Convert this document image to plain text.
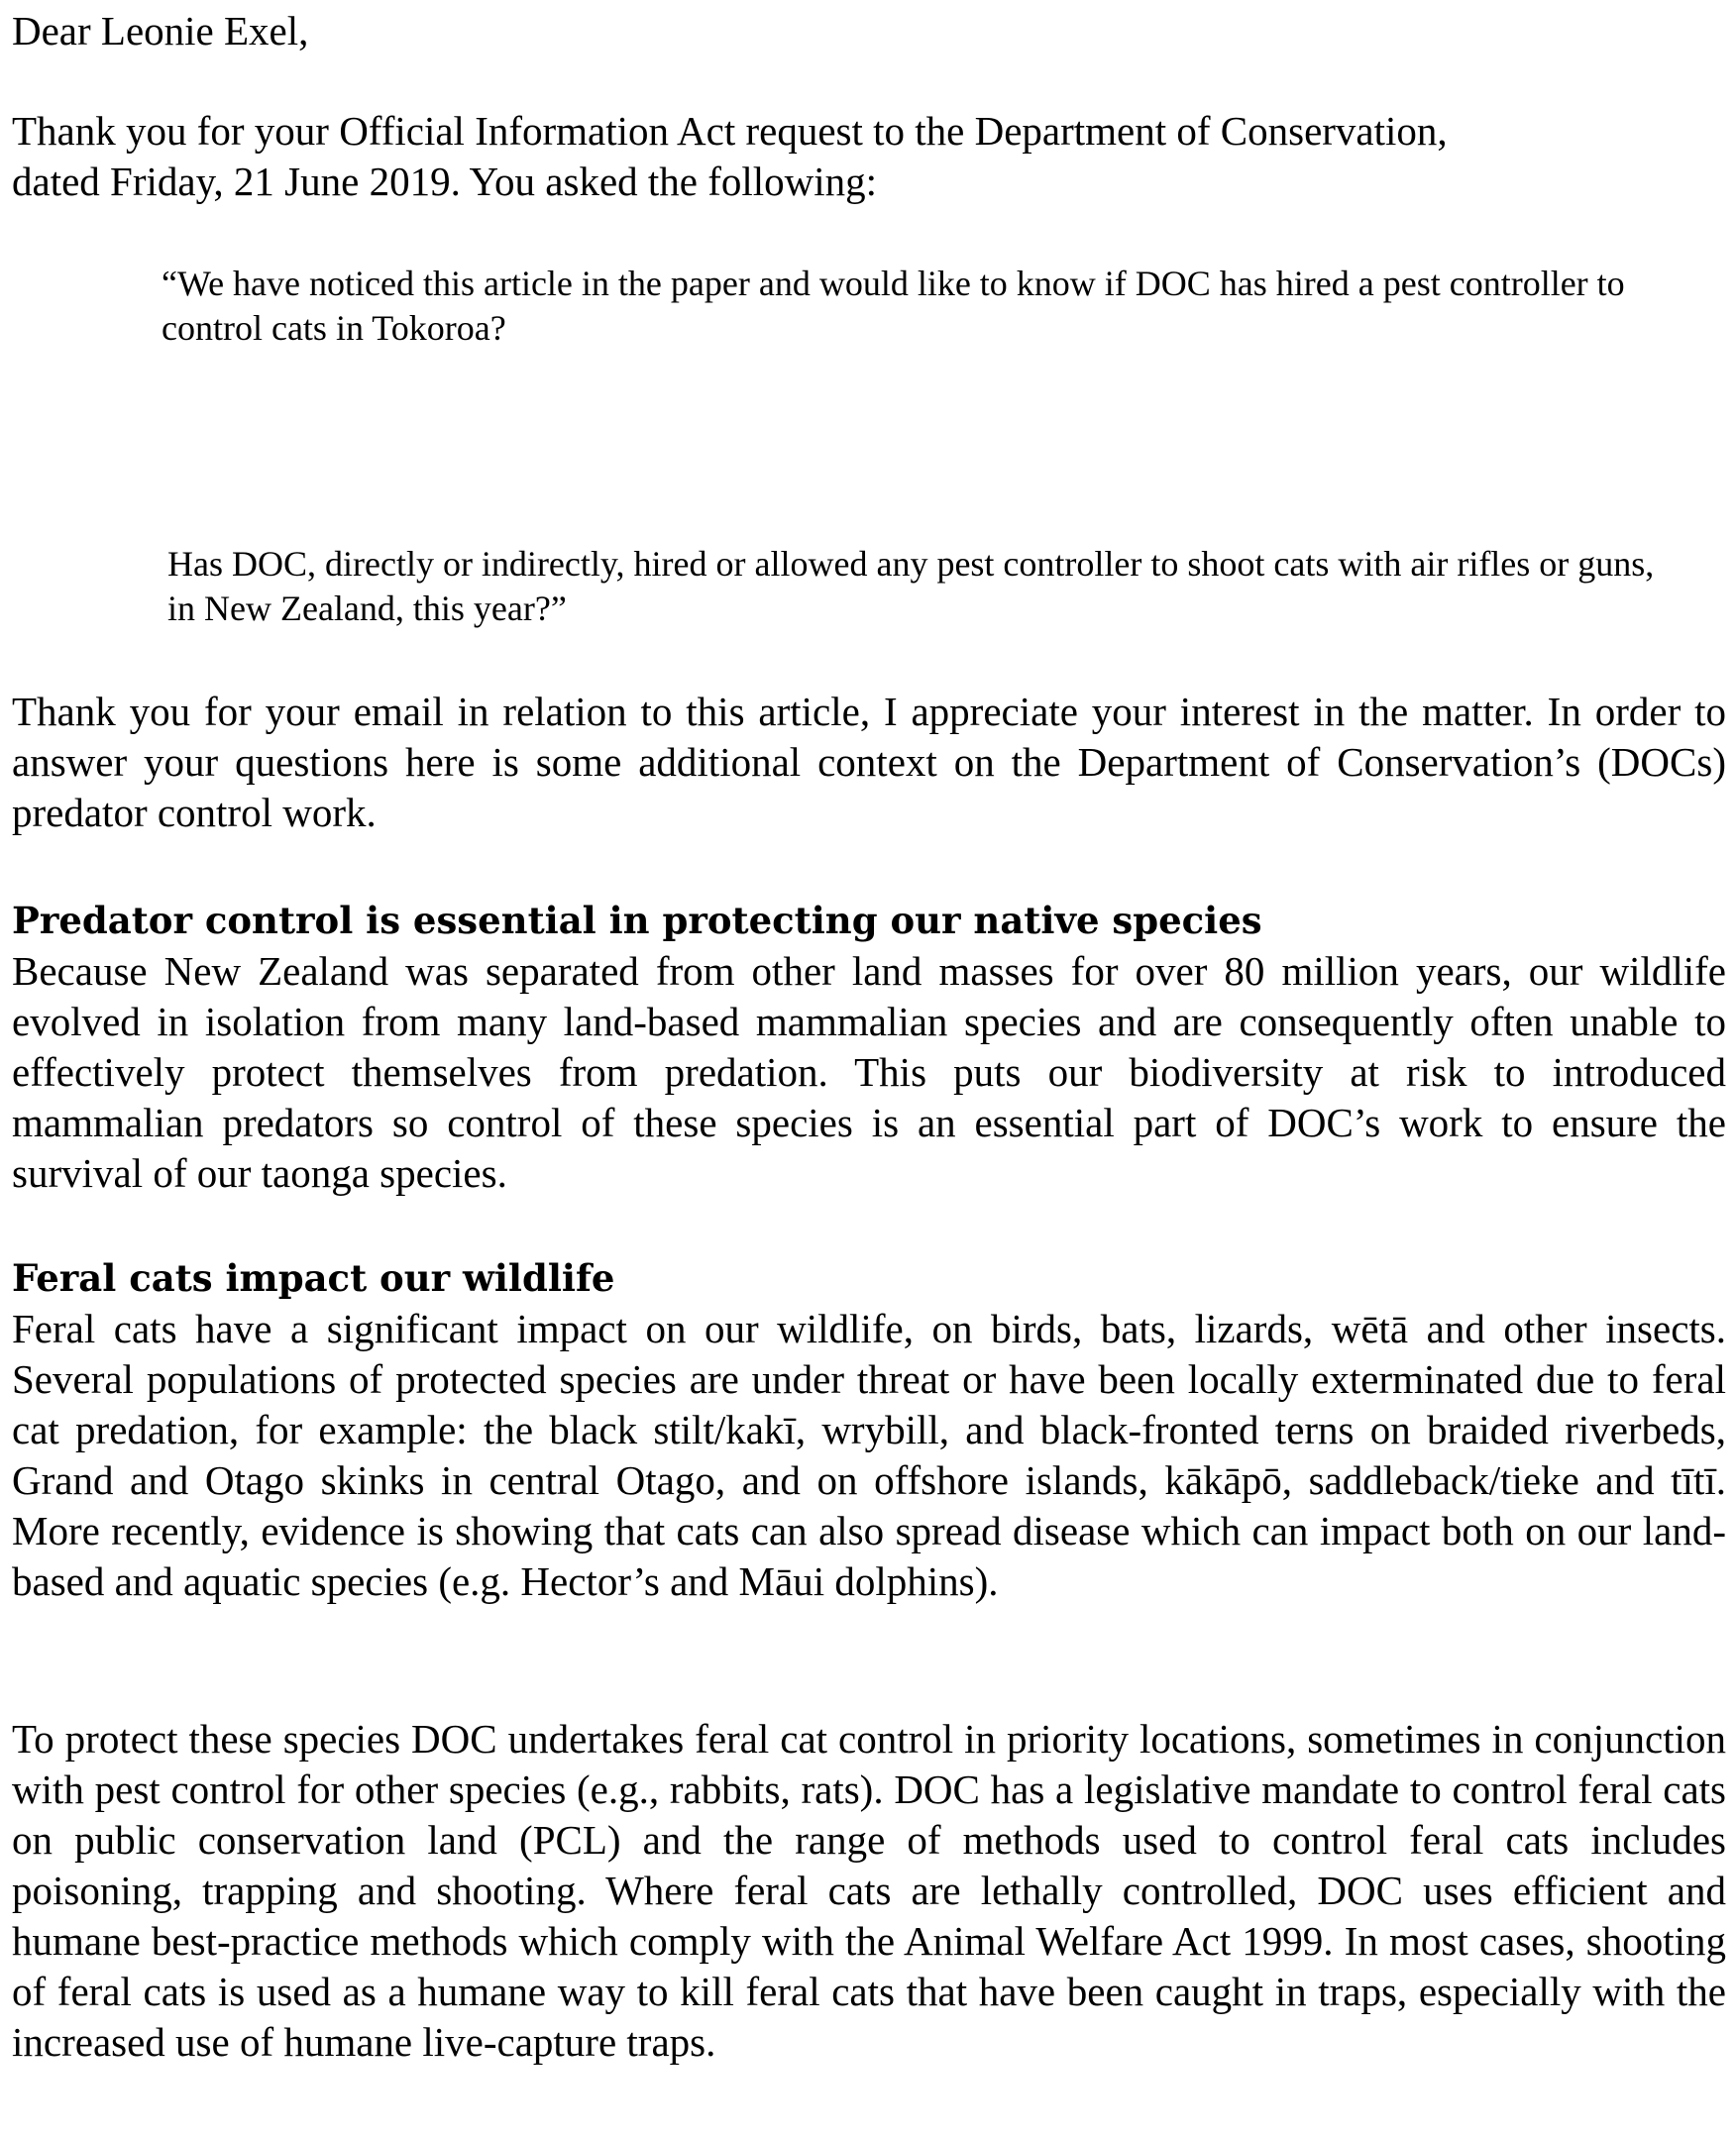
Dear Leonie Exel,

Thank you for your Official Information Act request to the Department of Conservation, dated Friday, 21 June 2019. You asked the following:

“We have noticed this article in the paper and would like to know if DOC has hired a pest controller to control cats in Tokoroa?

Has DOC, directly or indirectly, hired or allowed any pest controller to shoot cats with air rifles or guns, in New Zealand, this year?”

Thank you for your email in relation to this article, I appreciate your interest in the matter. In order to answer your questions here is some additional context on the Department of Conservation’s (DOCs) predator control work.

Predator control is essential in protecting our native species

Because New Zealand was separated from other land masses for over 80 million years, our wildlife evolved in isolation from many land-based mammalian species and are consequently often unable to effectively protect themselves from predation. This puts our biodiversity at risk to introduced mammalian predators so control of these species is an essential part of DOC’s work to ensure the survival of our taonga species.

Feral cats impact our wildlife

Feral cats have a significant impact on our wildlife, on birds, bats, lizards, wētā and other insects. Several populations of protected species are under threat or have been locally exterminated due to feral cat predation, for example: the black stilt/kakī, wrybill, and black-fronted terns on braided riverbeds, Grand and Otago skinks in central Otago, and on offshore islands, kākāpō, saddleback/tieke and tītī. More recently, evidence is showing that cats can also spread disease which can impact both on our land-based and aquatic species (e.g. Hector’s and Māui dolphins).

To protect these species DOC undertakes feral cat control in priority locations, sometimes in conjunction with pest control for other species (e.g., rabbits, rats). DOC has a legislative mandate to control feral cats on public conservation land (PCL) and the range of methods used to control feral cats includes poisoning, trapping and shooting. Where feral cats are lethally controlled, DOC uses efficient and humane best-practice methods which comply with the Animal Welfare Act 1999. In most cases, shooting of feral cats is used as a humane way to kill feral cats that have been caught in traps, especially with the increased use of humane live-capture traps.
